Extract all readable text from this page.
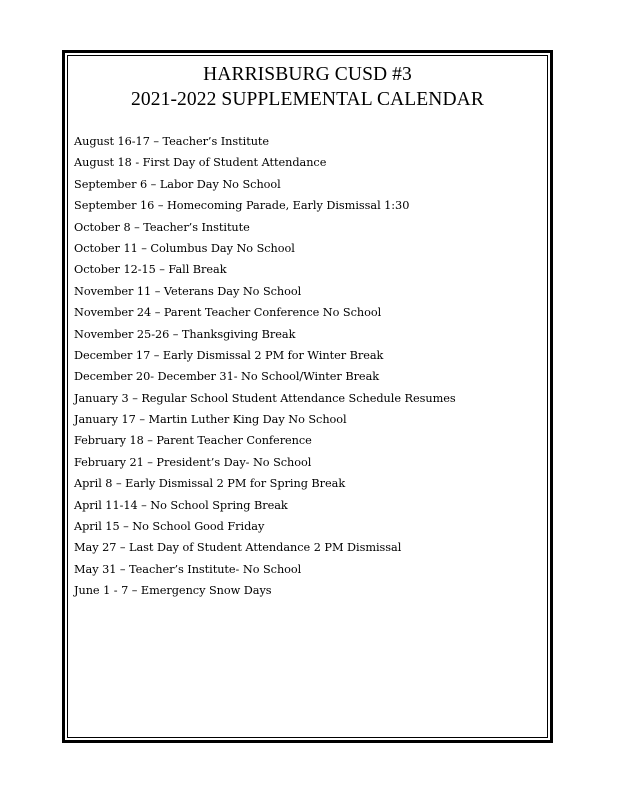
HARRISBURG CUSD #3
2021-2022 SUPPLEMENTAL CALENDAR
August 16-17 – Teacher’s Institute
August 18 - First Day of Student Attendance
September 6 – Labor Day No School
September 16 – Homecoming Parade, Early Dismissal 1:30
October 8 – Teacher’s Institute
October 11 – Columbus Day No School
October 12-15 – Fall Break
November 11 – Veterans Day No School
November 24 – Parent Teacher Conference No School
November 25-26 – Thanksgiving Break
December 17 – Early Dismissal 2 PM for Winter Break
December 20- December 31- No School/Winter Break
January 3 – Regular School Student Attendance Schedule Resumes
January 17 – Martin Luther King Day No School
February 18 – Parent Teacher Conference
February 21 – President’s Day- No School
April 8 – Early Dismissal 2 PM for Spring Break
April 11-14 – No School Spring Break
April 15 – No School Good Friday
May 27 – Last Day of Student Attendance 2 PM Dismissal
May 31 – Teacher’s Institute- No School
June 1 - 7 – Emergency Snow Days
